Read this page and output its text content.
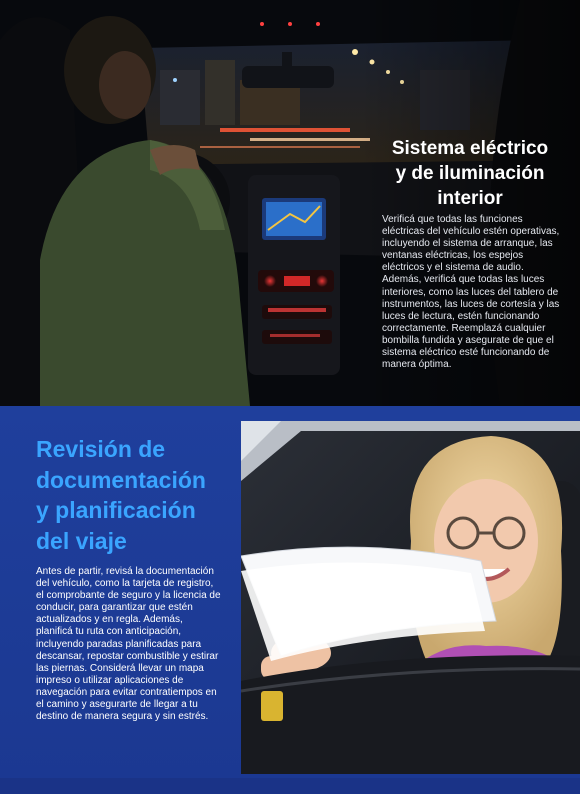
Sistema eléctrico
y de iluminación
interior

Verificá que todas las funciones eléctricas del vehículo estén operativas, incluyendo el sistema de arranque, las ventanas eléctricas, los espejos eléctricos y el sistema de audio. Además, verificá que todas las luces interiores, como las luces del tablero de instrumentos, las luces de cortesía y las luces de lectura, estén funcionando correctamente. Reemplazá cualquier bombilla fundida y asegurate de que el sistema eléctrico esté funcionando de manera óptima.

Revisión de
documentación
y planificación
del viaje

Antes de partir, revisá la documentación del vehículo, como la tarjeta de registro, el comprobante de seguro y la licencia de conducir, para garantizar que estén actualizados y en regla. Además, planificá tu ruta con anticipación, incluyendo paradas planificadas para descansar, repostar combustible y estirar las piernas. Considerá llevar un mapa impreso o utilizar aplicaciones de navegación para evitar contratiempos en el camino y asegurarte de llegar a tu destino de manera segura y sin estrés.
